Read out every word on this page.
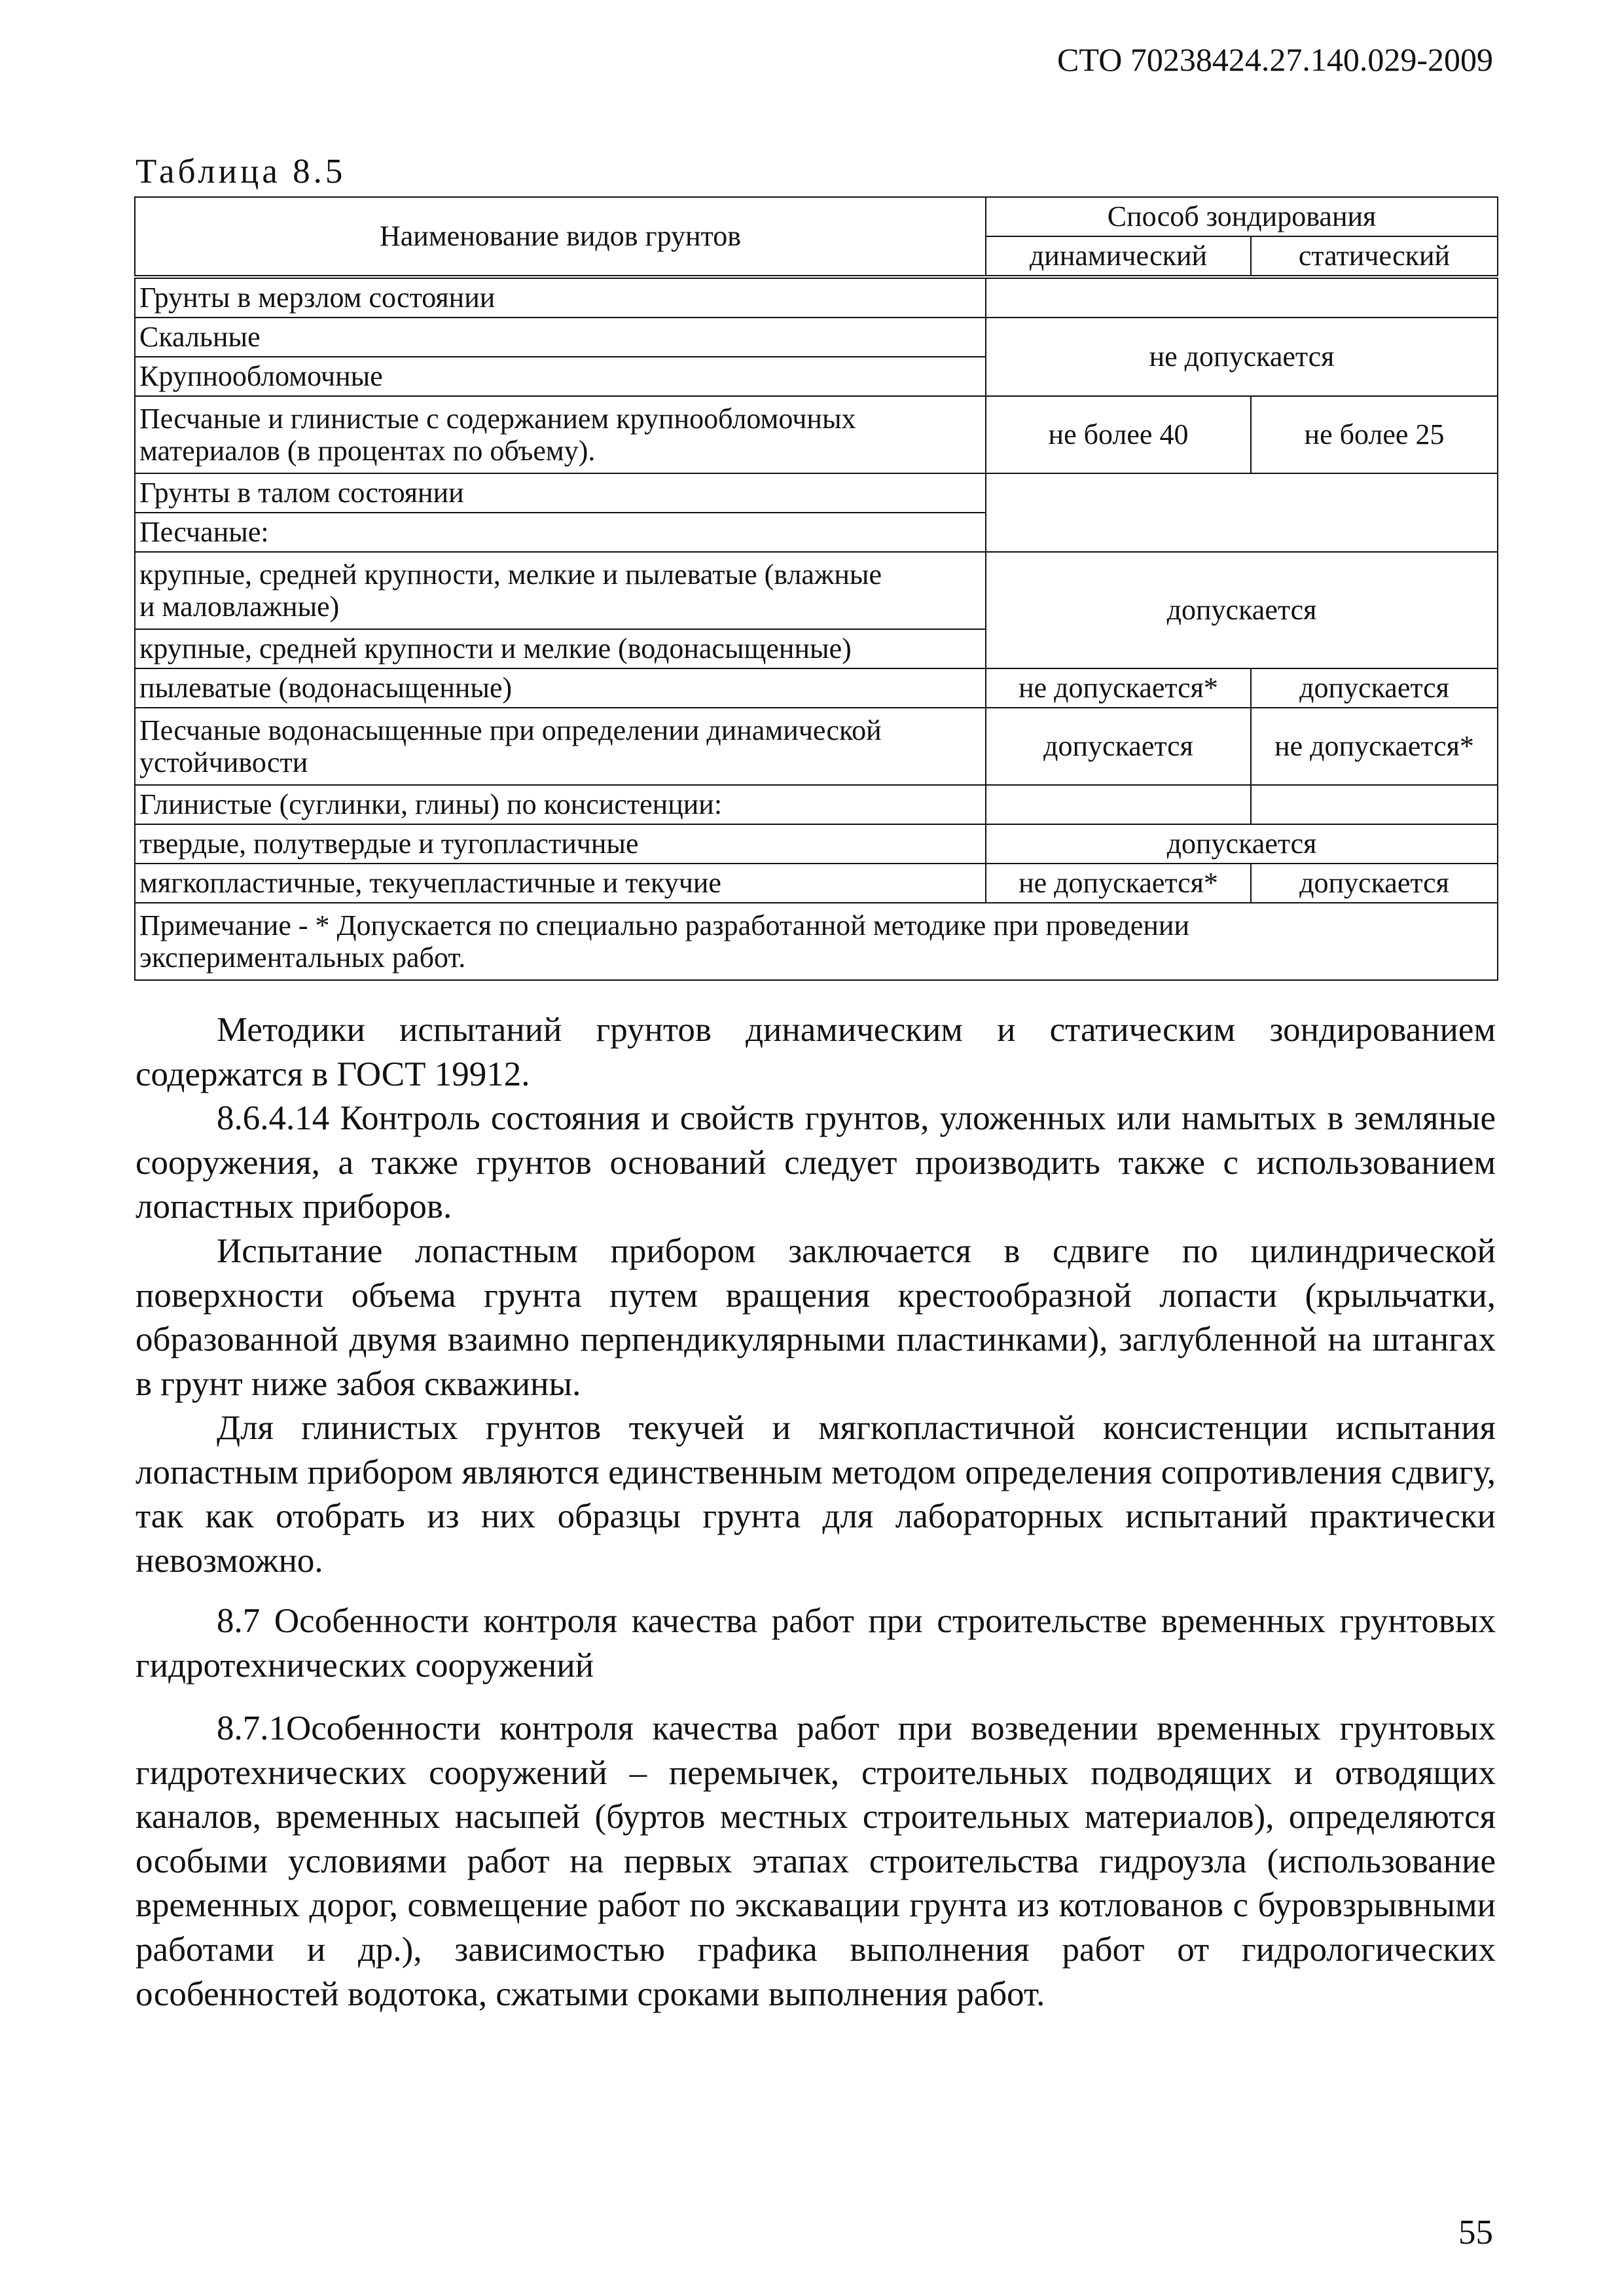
СТО 70238424.27.140.029-2009
Таблица 8.5
Наименование видов грунтов	Способ зондирования	
	динамический	статический
Грунты в мерзлом состоянии		
Скальные	не допускается	
Крупнообломочные		
Песчаные и глинистые с содержанием крупнообломочных
материалов (в процентах по объему).	не более 40	не более 25
Грунты в талом состоянии		
Песчаные:		
крупные, средней крупности, мелкие и пылеватые (влажные
и маловлажные)	допускается	
крупные, средней крупности и мелкие (водонасыщенные)		
пылеватые (водонасыщенные)	не допускается*	допускается
Песчаные водонасыщенные при определении динамической
устойчивости	допускается	не допускается*
Глинистые (суглинки, глины) по консистенции:		
твердые, полутвердые и тугопластичные	допускается	
мягкопластичные, текучепластичные и текучие	не допускается*	допускается
Примечание - * Допускается по специально разработанной методике при проведении
экспериментальных работ.		

Методики испытаний грунтов динамическим и статическим зондированием содержатся в ГОСТ 19912.

8.6.4.14 Контроль состояния и свойств грунтов, уложенных или намытых в земляные сооружения, а также грунтов оснований следует производить также с использованием лопастных приборов.

Испытание лопастным прибором заключается в сдвиге по цилиндрической поверхности объема грунта путем вращения крестообразной лопасти (крыльчатки, образованной двумя взаимно перпендикулярными пластинками), заглубленной на штангах в грунт ниже забоя скважины.

Для глинистых грунтов текучей и мягкопластичной консистенции испытания лопастным прибором являются единственным методом определения сопротивления сдвигу, так как отобрать из них образцы грунта для лабораторных испытаний практически невозможно.

8.7 Особенности контроля качества работ при строительстве временных грунтовых гидротехнических сооружений

8.7.1Особенности контроля качества работ при возведении временных грунтовых гидротехнических сооружений – перемычек, строительных подводящих и отводящих каналов, временных насыпей (буртов местных строительных материалов), определяются особыми условиями работ на первых этапах строительства гидроузла (использование временных дорог, совмещение работ по экскавации грунта из котлованов с буровзрывными работами и др.), зависимостью графика выполнения работ от гидрологических особенностей водотока, сжатыми сроками выполнения работ.

55
